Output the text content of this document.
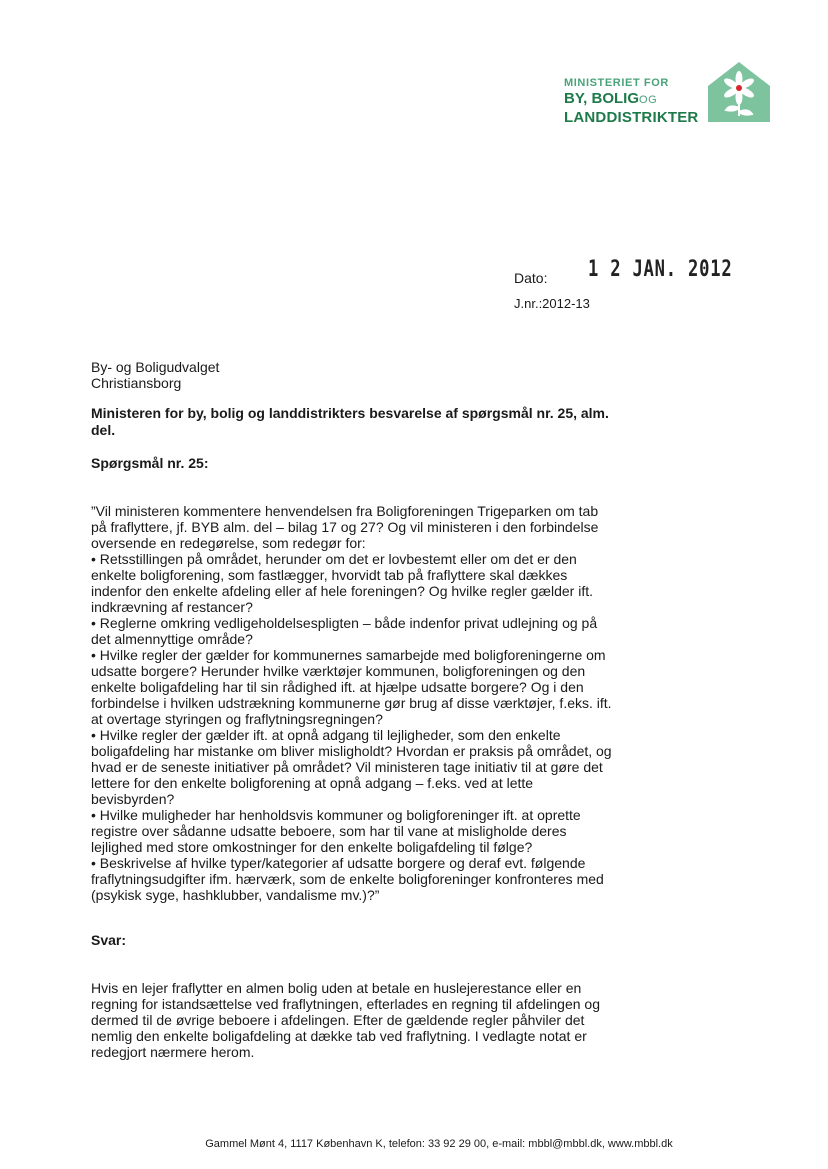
MINISTERIET FOR
BY, BOLIGOG
LANDDISTRIKTER
Dato: 1 2 JAN. 2012
J.nr.:2012-13
By- og Boligudvalget
Christiansborg
Ministeren for by, bolig og landdistrikters besvarelse af spørgsmål nr. 25, alm. del.
Spørgsmål nr. 25:

”Vil ministeren kommentere henvendelsen fra Boligforeningen Trigeparken om tab på fraflyttere, jf. BYB alm. del – bilag 17 og 27? Og vil ministeren i den forbindelse oversende en redegørelse, som redegør for:

• Retsstillingen på området, herunder om det er lovbestemt eller om det er den enkelte boligforening, som fastlægger, hvorvidt tab på fraflyttere skal dækkes indenfor den enkelte afdeling eller af hele foreningen? Og hvilke regler gælder ift. indkrævning af restancer?

• Reglerne omkring vedligeholdelsespligten – både indenfor privat udlejning og på det almennyttige område?

• Hvilke regler der gælder for kommunernes samarbejde med boligforeningerne om udsatte borgere? Herunder hvilke værktøjer kommunen, boligforeningen og den enkelte boligafdeling har til sin rådighed ift. at hjælpe udsatte borgere? Og i den forbindelse i hvilken udstrækning kommunerne gør brug af disse værktøjer, f.eks. ift. at overtage styringen og fraflytningsregningen?

• Hvilke regler der gælder ift. at opnå adgang til lejligheder, som den enkelte boligafdeling har mistanke om bliver misligholdt? Hvordan er praksis på området, og hvad er de seneste initiativer på området? Vil ministeren tage initiativ til at gøre det lettere for den enkelte boligforening at opnå adgang – f.eks. ved at lette bevisbyrden?

• Hvilke muligheder har henholdsvis kommuner og boligforeninger ift. at oprette registre over sådanne udsatte beboere, som har til vane at misligholde deres lejlighed med store omkostninger for den enkelte boligafdeling til følge?

• Beskrivelse af hvilke typer/kategorier af udsatte borgere og deraf evt. følgende fraflytningsudgifter ifm. hærværk, som de enkelte boligforeninger konfronteres med (psykisk syge, hashklubber, vandalisme mv.)?”

Svar:
Hvis en lejer fraflytter en almen bolig uden at betale en huslejerestance eller en regning for istandsættelse ved fraflytningen, efterlades en regning til afdelingen og dermed til de øvrige beboere i afdelingen. Efter de gældende regler påhviler det nemlig den enkelte boligafdeling at dække tab ved fraflytning. I vedlagte notat er redegjort nærmere herom.
Gammel Mønt 4, 1117 København K, telefon: 33 92 29 00, e-mail: mbbl@mbbl.dk, www.mbbl.dk
